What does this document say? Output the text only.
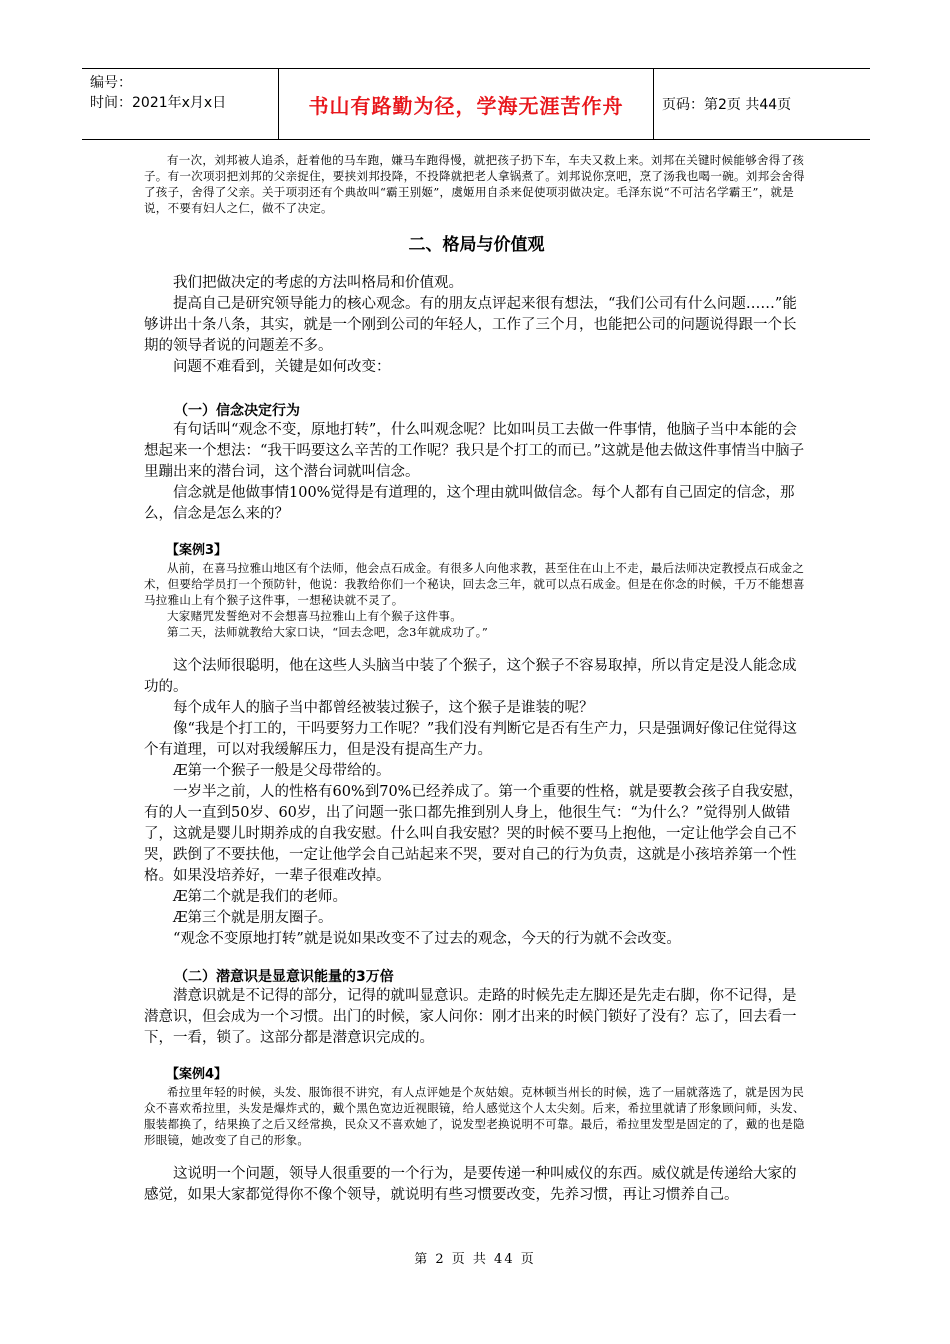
编号：
时间：2021年x月x日	书山有路勤为径，学海无涯苦作舟	页码：第2页 共44页

有一次，刘邦被人追杀，赶着他的马车跑，嫌马车跑得慢，就把孩子扔下车，车夫又救上来。刘邦在关键时候能够舍得了孩子。有一次项羽把刘邦的父亲捉住，要挟刘邦投降，不投降就把老人拿锅煮了。刘邦说你烹吧，烹了汤我也喝一碗。刘邦会舍得了孩子，舍得了父亲。关于项羽还有个典故叫“霸王别姬”，虞姬用自杀来促使项羽做决定。毛泽东说“不可沽名学霸王”，就是说，不要有妇人之仁，做不了决定。

二、格局与价值观

我们把做决定的考虑的方法叫格局和价值观。

提高自己是研究领导能力的核心观念。有的朋友点评起来很有想法，“我们公司有什么问题……”能够讲出十条八条，其实，就是一个刚到公司的年轻人，工作了三个月，也能把公司的问题说得跟一个长期的领导者说的问题差不多。

问题不难看到，关键是如何改变：

（一）信念决定行为

有句话叫“观念不变，原地打转”，什么叫观念呢？比如叫员工去做一件事情，他脑子当中本能的会想起来一个想法：“我干吗要这么辛苦的工作呢？我只是个打工的而已。”这就是他去做这件事情当中脑子里蹦出来的潜台词，这个潜台词就叫信念。

信念就是他做事情100%觉得是有道理的，这个理由就叫做信念。每个人都有自己固定的信念，那么，信念是怎么来的？

【案例3】

从前，在喜马拉雅山地区有个法师，他会点石成金。有很多人向他求教，甚至住在山上不走，最后法师决定教授点石成金之术，但要给学员打一个预防针，他说：我教给你们一个秘诀，回去念三年，就可以点石成金。但是在你念的时候，千万不能想喜马拉雅山上有个猴子这件事，一想秘诀就不灵了。

大家赌咒发誓绝对不会想喜马拉雅山上有个猴子这件事。

第二天，法师就教给大家口诀，“回去念吧，念3年就成功了。”

这个法师很聪明，他在这些人头脑当中装了个猴子，这个猴子不容易取掉，所以肯定是没人能念成功的。

每个成年人的脑子当中都曾经被装过猴子，这个猴子是谁装的呢？

像“我是个打工的，干吗要努力工作呢？”我们没有判断它是否有生产力，只是强调好像记住觉得这个有道理，可以对我缓解压力，但是没有提高生产力。

Æ第一个猴子一般是父母带给的。

一岁半之前，人的性格有60%到70%已经养成了。第一个重要的性格，就是要教会孩子自我安慰，有的人一直到50岁、60岁，出了问题一张口都先推到别人身上，他很生气：“为什么？”觉得别人做错了，这就是婴儿时期养成的自我安慰。什么叫自我安慰？哭的时候不要马上抱他，一定让他学会自己不哭，跌倒了不要扶他，一定让他学会自己站起来不哭，要对自己的行为负责，这就是小孩培养第一个性格。如果没培养好，一辈子很难改掉。

Æ第二个就是我们的老师。

Æ第三个就是朋友圈子。

“观念不变原地打转”就是说如果改变不了过去的观念，今天的行为就不会改变。

（二）潜意识是显意识能量的3万倍

潜意识就是不记得的部分，记得的就叫显意识。走路的时候先走左脚还是先走右脚，你不记得，是潜意识，但会成为一个习惯。出门的时候，家人问你：刚才出来的时候门锁好了没有？忘了，回去看一下，一看，锁了。这部分都是潜意识完成的。

【案例4】

希拉里年轻的时候，头发、服饰很不讲究，有人点评她是个灰姑娘。克林顿当州长的时候，选了一届就落选了，就是因为民众不喜欢希拉里，头发是爆炸式的，戴个黑色宽边近视眼镜，给人感觉这个人太尖刻。后来，希拉里就请了形象顾问师，头发、服装都换了，结果换了之后又经常换，民众又不喜欢她了，说发型老换说明不可靠。最后，希拉里发型是固定的了，戴的也是隐形眼镜，她改变了自己的形象。

这说明一个问题，领导人很重要的一个行为，是要传递一种叫威仪的东西。威仪就是传递给大家的感觉，如果大家都觉得你不像个领导，就说明有些习惯要改变，先养习惯，再让习惯养自己。

第 2 页 共 44 页
